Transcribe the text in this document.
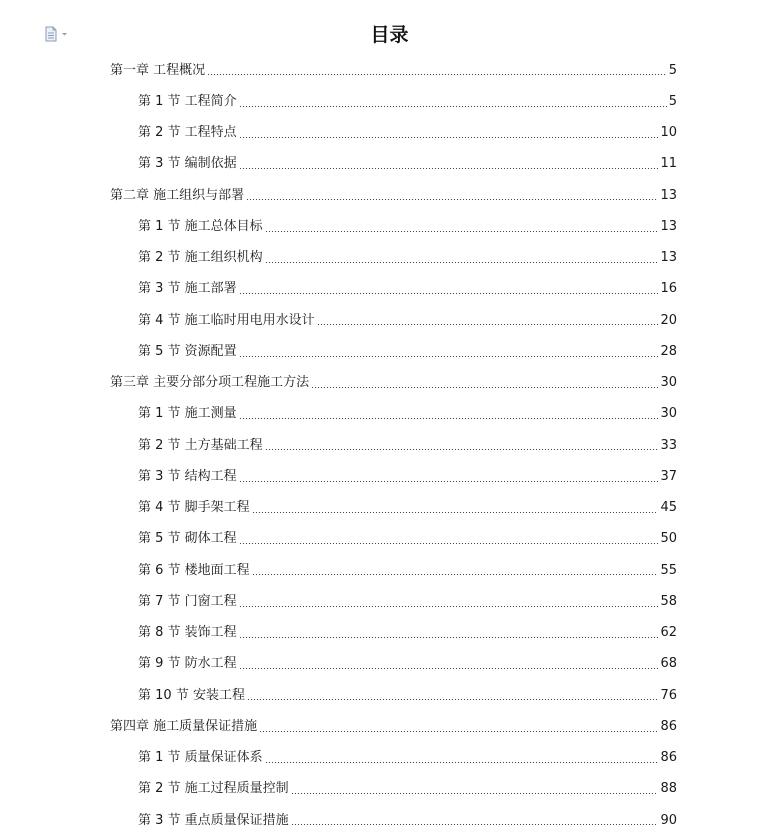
目录
第一章 工程概况	5
第 1 节 工程简介	5
第 2 节 工程特点	10
第 3 节 编制依据	11
第二章 施工组织与部署	13
第 1 节 施工总体目标	13
第 2 节 施工组织机构	13
第 3 节 施工部署	16
第 4 节 施工临时用电用水设计	20
第 5 节 资源配置	28
第三章 主要分部分项工程施工方法	30
第 1 节 施工测量	30
第 2 节 土方基础工程	33
第 3 节 结构工程	37
第 4 节 脚手架工程	45
第 5 节 砌体工程	50
第 6 节 楼地面工程	55
第 7 节 门窗工程	58
第 8 节 装饰工程	62
第 9 节 防水工程	68
第 10 节 安装工程	76
第四章 施工质量保证措施	86
第 1 节 质量保证体系	86
第 2 节 施工过程质量控制	88
第 3 节 重点质量保证措施	90
